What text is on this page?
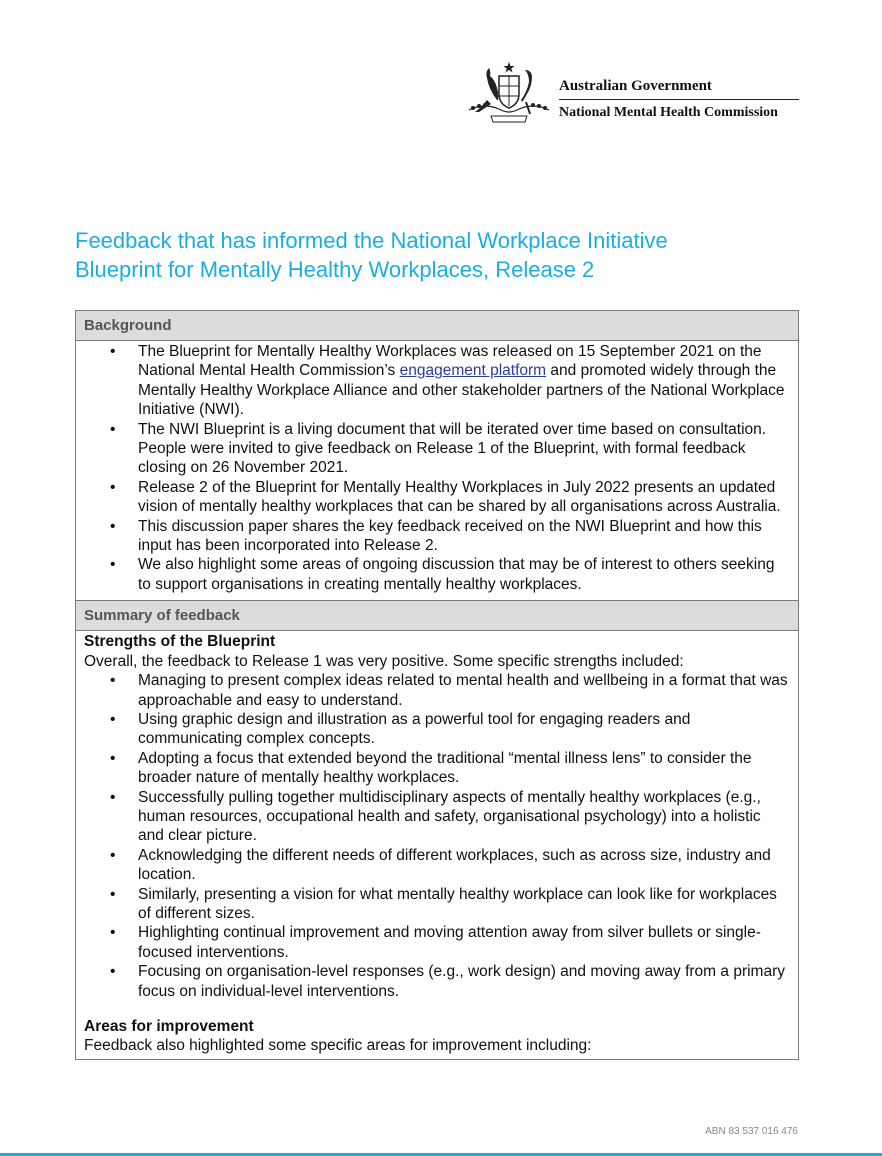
Australian Government
National Mental Health Commission
Feedback that has informed the National Workplace Initiative
Blueprint for Mentally Healthy Workplaces, Release 2
Background
• The Blueprint for Mentally Healthy Workplaces was released on 15 September 2021 on the National Mental Health Commission’s engagement platform and promoted widely through the Mentally Healthy Workplace Alliance and other stakeholder partners of the National Workplace Initiative (NWI).
• The NWI Blueprint is a living document that will be iterated over time based on consultation. People were invited to give feedback on Release 1 of the Blueprint, with formal feedback closing on 26 November 2021.
• Release 2 of the Blueprint for Mentally Healthy Workplaces in July 2022 presents an updated vision of mentally healthy workplaces that can be shared by all organisations across Australia.
• This discussion paper shares the key feedback received on the NWI Blueprint and how this input has been incorporated into Release 2.
• We also highlight some areas of ongoing discussion that may be of interest to others seeking to support organisations in creating mentally healthy workplaces.
Summary of feedback
Strengths of the Blueprint
Overall, the feedback to Release 1 was very positive. Some specific strengths included:
• Managing to present complex ideas related to mental health and wellbeing in a format that was approachable and easy to understand.
• Using graphic design and illustration as a powerful tool for engaging readers and communicating complex concepts.
• Adopting a focus that extended beyond the traditional “mental illness lens” to consider the broader nature of mentally healthy workplaces.
• Successfully pulling together multidisciplinary aspects of mentally healthy workplaces (e.g., human resources, occupational health and safety, organisational psychology) into a holistic and clear picture.
• Acknowledging the different needs of different workplaces, such as across size, industry and location.
• Similarly, presenting a vision for what mentally healthy workplace can look like for workplaces of different sizes.
• Highlighting continual improvement and moving attention away from silver bullets or single-focused interventions.
• Focusing on organisation-level responses (e.g., work design) and moving away from a primary focus on individual-level interventions.
Areas for improvement
Feedback also highlighted some specific areas for improvement including:
ABN 83 537 016 476
